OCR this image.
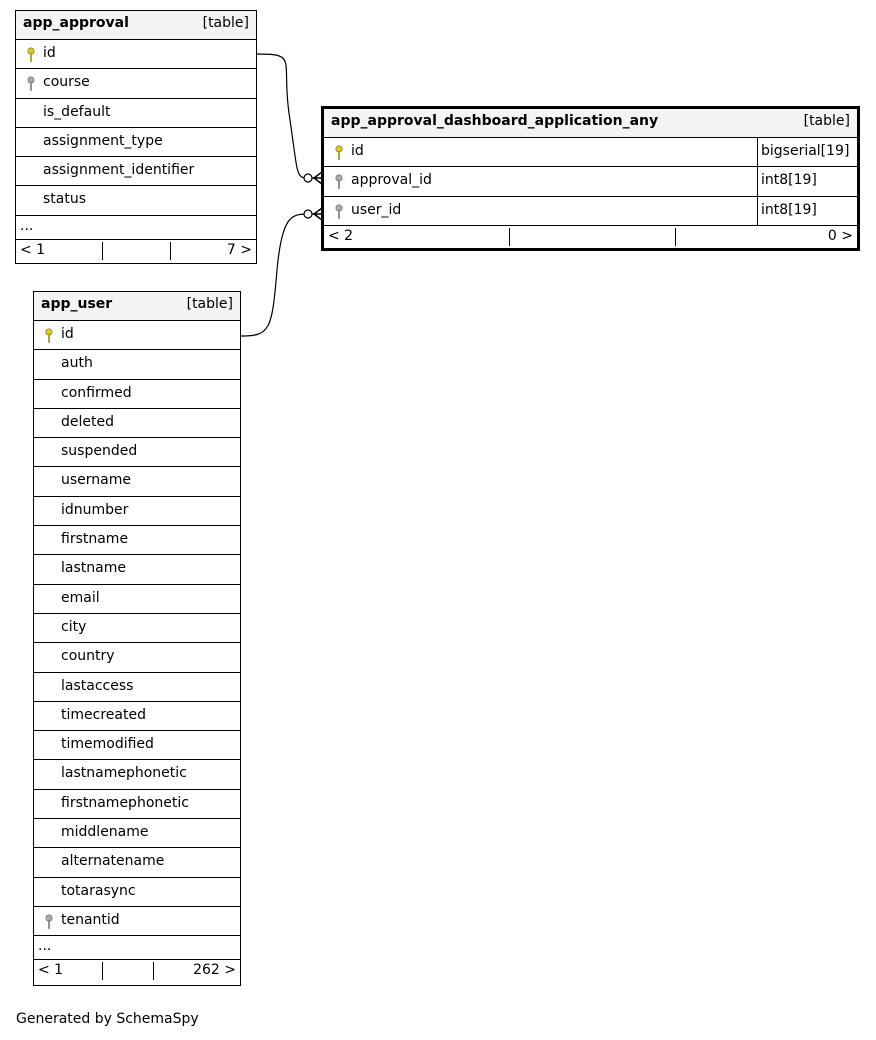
app_approval	[table]
id
course
is_default
assignment_type
assignment_identifier
status
...
< 1	7 >
app_approval_dashboard_application_any	[table]
id	bigserial[19]
approval_id	int8[19]
user_id	int8[19]
< 2	0 >
app_user	[table]
id
auth
confirmed
deleted
suspended
username
idnumber
firstname
lastname
email
city
country
lastaccess
timecreated
timemodified
lastnamephonetic
firstnamephonetic
middlename
alternatename
totarasync
tenantid
...
< 1	262 >
Generated by SchemaSpy
